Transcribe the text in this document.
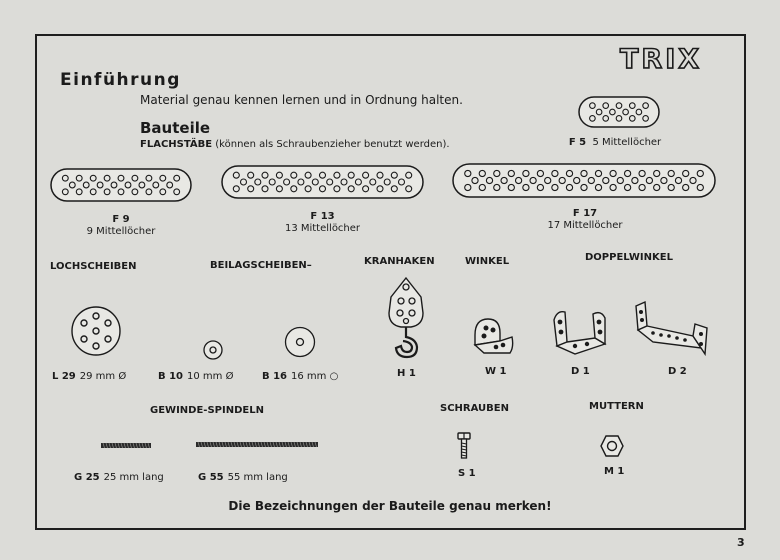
TRIX
Einführung
Material genau kennen lernen und in Ordnung halten.
Bauteile
FLACHSTÄBE (können als Schraubenzieher benutzt werden).	F 5 5 Mittellöcher
F 9
9 Mittellöcher
F 13
13 Mittellöcher
F 17
17 Mittellöcher
LOCHSCHEIBEN	BEILAGSCHEIBEN–	KRANHAKEN	WINKEL	DOPPELWINKEL
L 29 29 mm Ø	B 10 10 mm Ø	B 16 16 mm ○	H 1	W 1	D 1	D 2
GEWINDE-SPINDELN	SCHRAUBEN	MUTTERN
G 25 25 mm lang	G 55 55 mm lang	S 1	M 1
Die Bezeichnungen der Bauteile genau merken!
3
